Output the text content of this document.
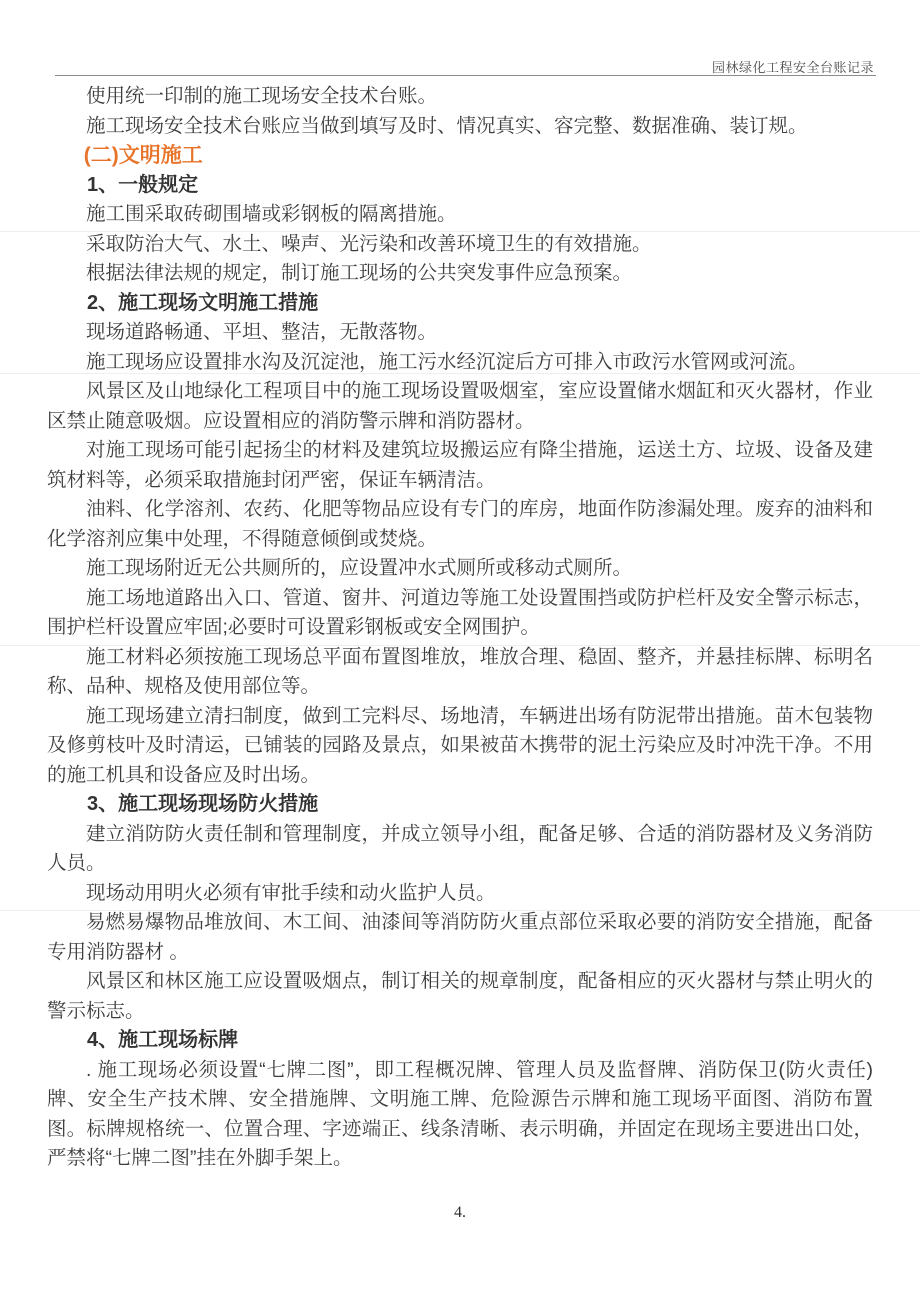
园林绿化工程安全台账记录
使用统一印制的施工现场安全技术台账。
施工现场安全技术台账应当做到填写及时、情况真实、容完整、数据准确、装订规。
(二)文明施工
1、一般规定
施工围采取砖砌围墙或彩钢板的隔离措施。
采取防治大气、水土、噪声、光污染和改善环境卫生的有效措施。
根据法律法规的规定，制订施工现场的公共突发事件应急预案。
2、施工现场文明施工措施
现场道路畅通、平坦、整洁，无散落物。
施工现场应设置排水沟及沉淀池，施工污水经沉淀后方可排入市政污水管网或河流。
风景区及山地绿化工程项目中的施工现场设置吸烟室，室应设置储水烟缸和灭火器材，作业区禁止随意吸烟。应设置相应的消防警示牌和消防器材。
对施工现场可能引起扬尘的材料及建筑垃圾搬运应有降尘措施，运送土方、垃圾、设备及建筑材料等，必须采取措施封闭严密，保证车辆清洁。
油料、化学溶剂、农药、化肥等物品应设有专门的库房，地面作防渗漏处理。废弃的油料和化学溶剂应集中处理，不得随意倾倒或焚烧。
施工现场附近无公共厕所的，应设置冲水式厕所或移动式厕所。
施工场地道路出入口、管道、窗井、河道边等施工处设置围挡或防护栏杆及安全警示标志，围护栏杆设置应牢固;必要时可设置彩钢板或安全网围护。
施工材料必须按施工现场总平面布置图堆放，堆放合理、稳固、整齐，并悬挂标牌、标明名称、品种、规格及使用部位等。
施工现场建立清扫制度，做到工完料尽、场地清，车辆进出场有防泥带出措施。苗木包装物及修剪枝叶及时清运，已铺装的园路及景点，如果被苗木携带的泥土污染应及时冲洗干净。不用的施工机具和设备应及时出场。
3、施工现场现场防火措施
建立消防防火责任制和管理制度，并成立领导小组，配备足够、合适的消防器材及义务消防人员。
现场动用明火必须有审批手续和动火监护人员。
易燃易爆物品堆放间、木工间、油漆间等消防防火重点部位采取必要的消防安全措施，配备专用消防器材 。
风景区和林区施工应设置吸烟点，制订相关的规章制度，配备相应的灭火器材与禁止明火的警示标志。
4、施工现场标牌
. 施工现场必须设置“七牌二图”，即工程概况牌、管理人员及监督牌、消防保卫(防火责任)牌、安全生产技术牌、安全措施牌、文明施工牌、危险源告示牌和施工现场平面图、消防布置图。标牌规格统一、位置合理、字迹端正、线条清晰、表示明确，并固定在现场主要进出口处，严禁将“七牌二图”挂在外脚手架上。
4.
